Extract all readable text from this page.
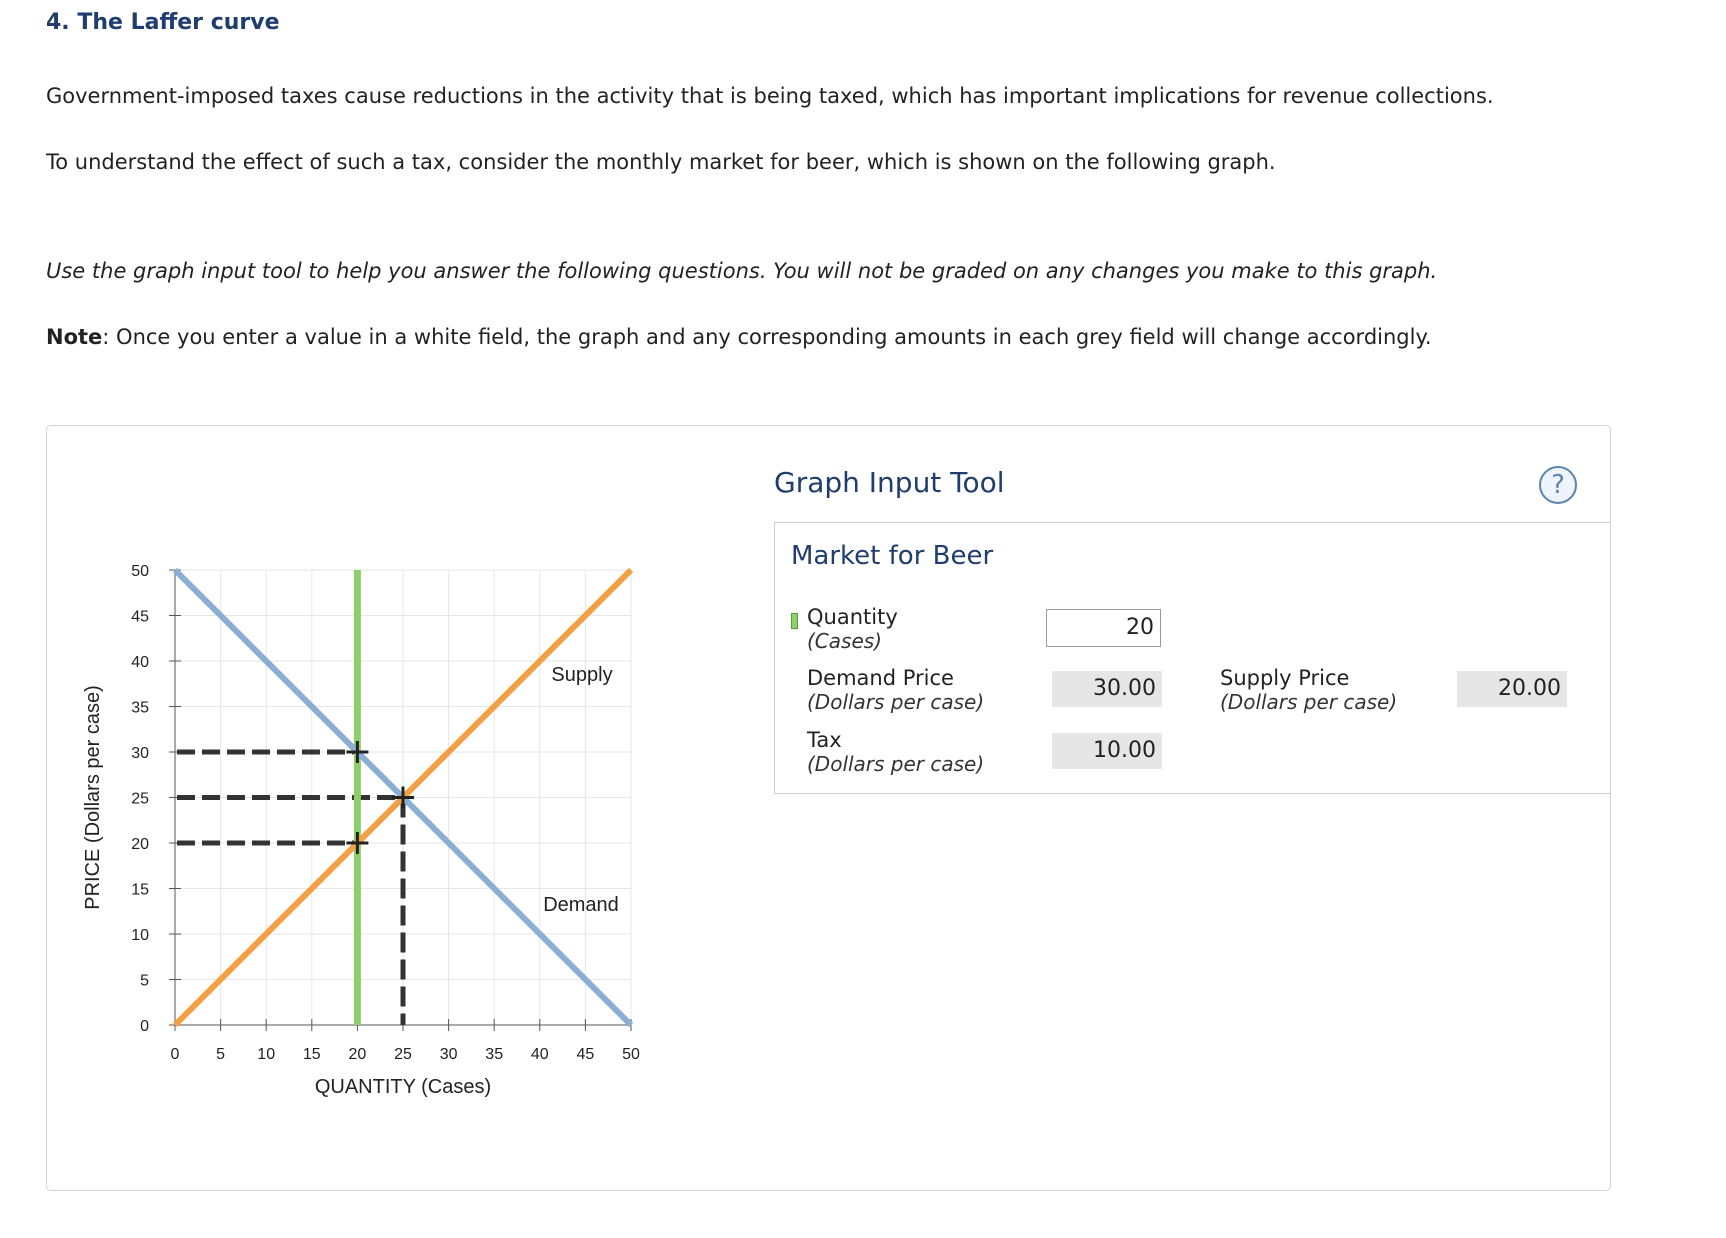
4. The Laffer curve
Government-imposed taxes cause reductions in the activity that is being taxed, which has important implications for revenue collections.
To understand the effect of such a tax, consider the monthly market for beer, which is shown on the following graph.
Use the graph input tool to help you answer the following questions. You will not be graded on any changes you make to this graph.
Note: Once you enter a value in a white field, the graph and any corresponding amounts in each grey field will change accordingly.
0
5
10
15
20
25
30
35
40
45
50
0 5 10 15 20 25 30 35 40 45 50
QUANTITY (Cases)
PRICE (Dollars per case)
Supply
Demand
Graph Input Tool	?
Market for Beer
Quantity
(Cases)
20
Demand Price
(Dollars per case)
30.00	Supply Price
(Dollars per case)
20.00
Tax
(Dollars per case)
10.00
